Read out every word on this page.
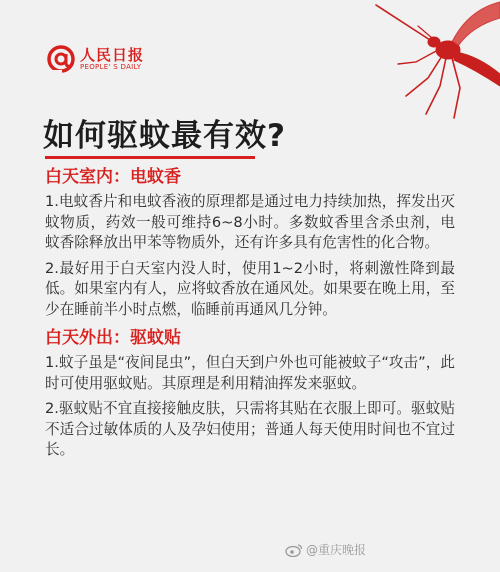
人民日报
PEOPLE' S DAILY
如何驱蚊最有效?
白天室内：电蚊香

1.电蚊香片和电蚊香液的原理都是通过电力持续加热，挥发出灭蚊物质，药效一般可维持6~8小时。多数蚊香里含杀虫剂，电蚊香除释放出甲苯等物质外，还有许多具有危害性的化合物。

2.最好用于白天室内没人时，使用1~2小时，将刺激性降到最低。如果室内有人，应将蚊香放在通风处。如果要在晚上用，至少在睡前半小时点燃，临睡前再通风几分钟。

白天外出：驱蚊贴

1.蚊子虽是“夜间昆虫”，但白天到户外也可能被蚊子“攻击”，此时可使用驱蚊贴。其原理是利用精油挥发来驱蚊。

2.驱蚊贴不宜直接接触皮肤，只需将其贴在衣服上即可。驱蚊贴不适合过敏体质的人及孕妇使用；普通人每天使用时间也不宜过长。

@重庆晚报
